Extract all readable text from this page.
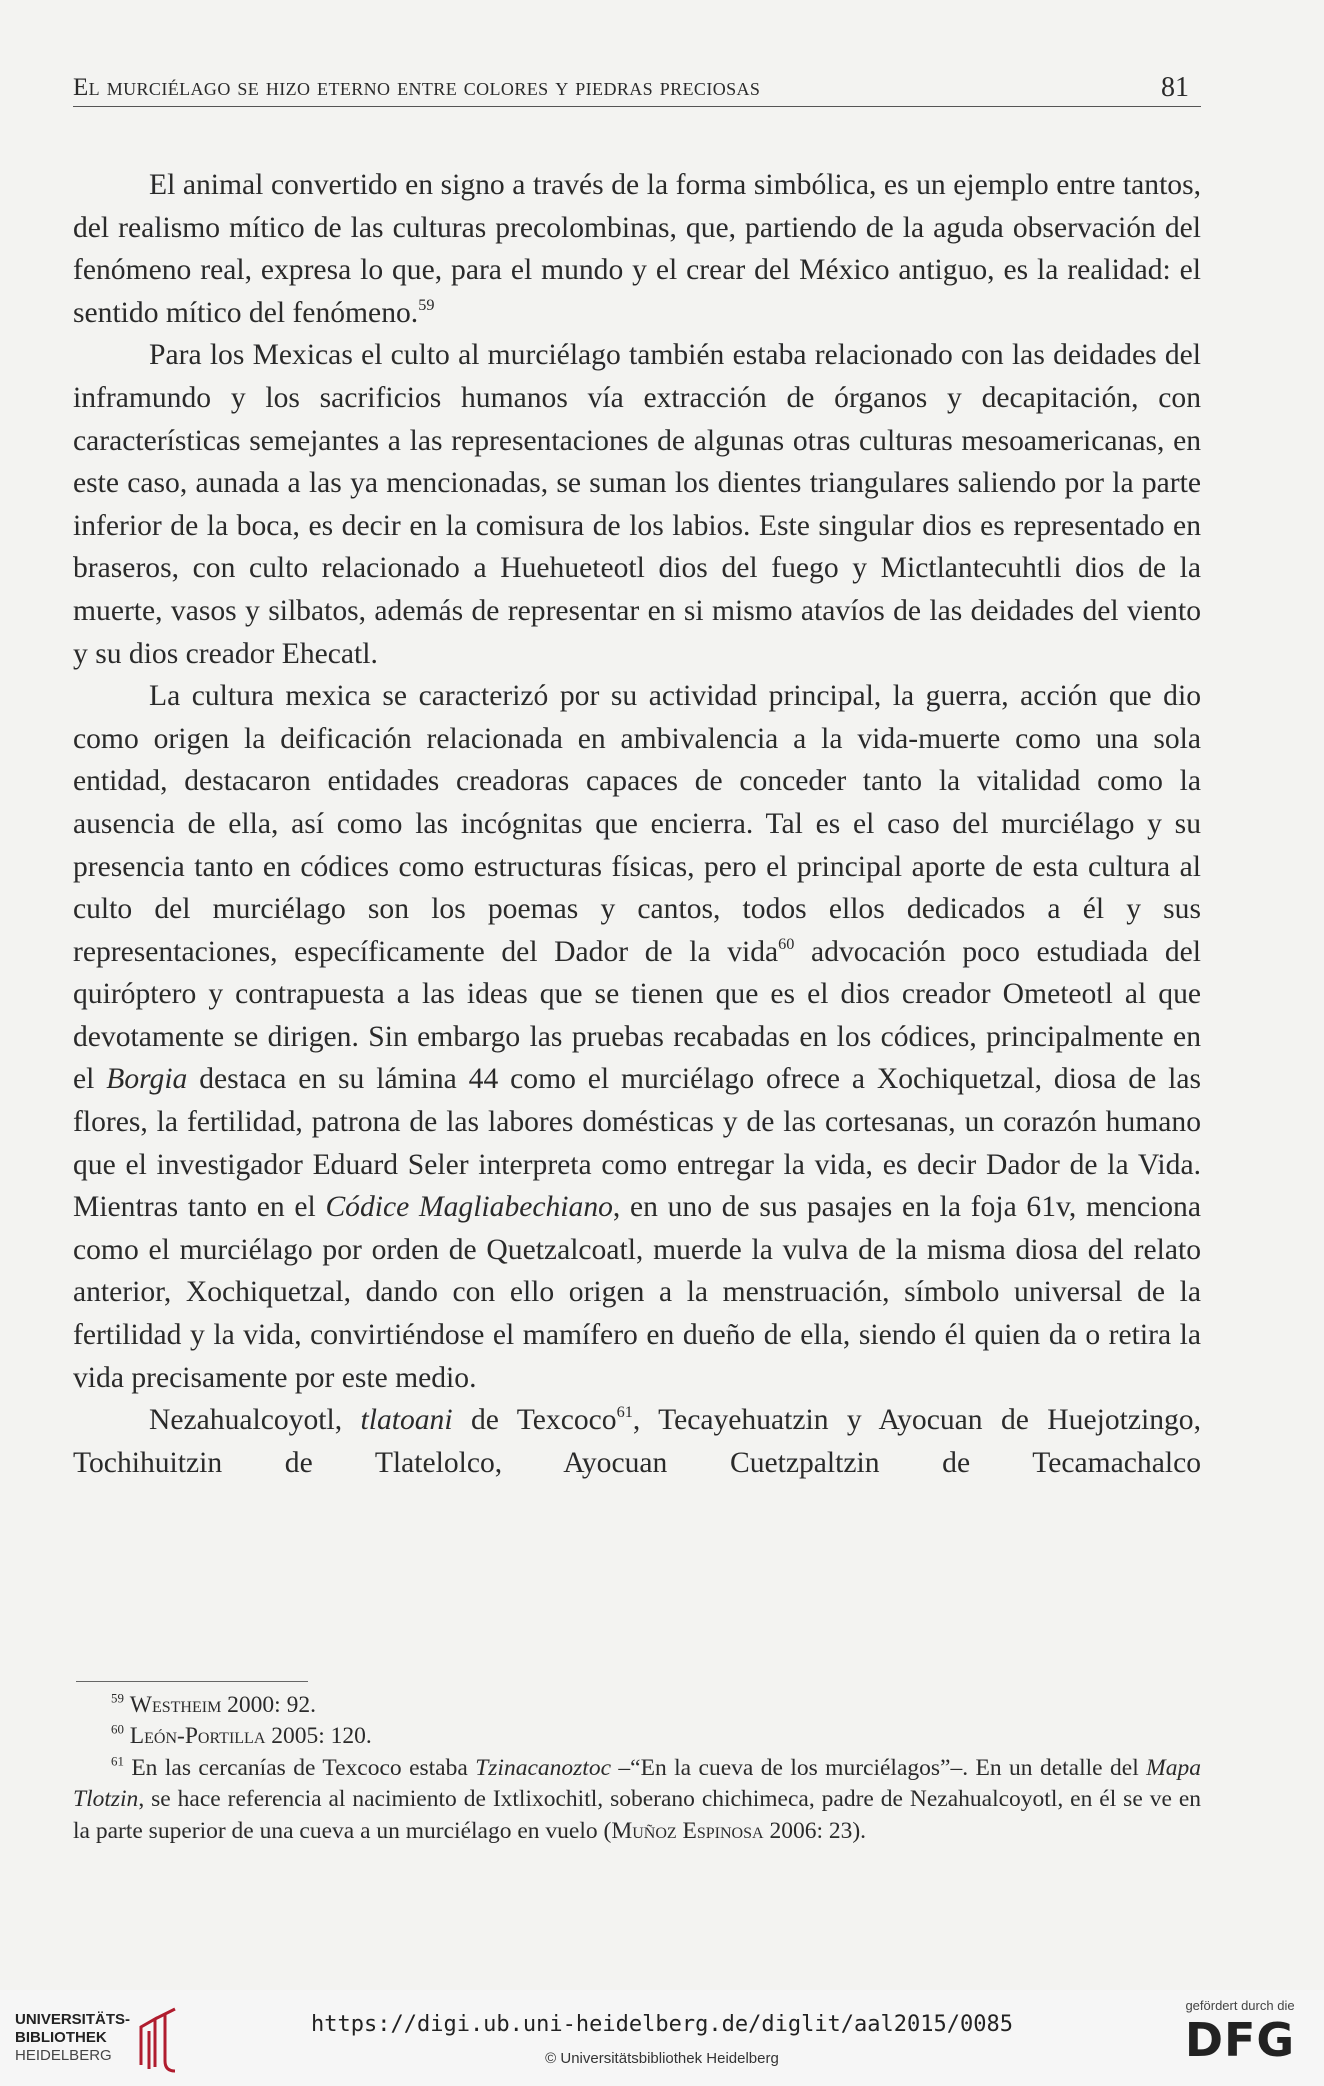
El murciélago se hizo eterno entre colores y piedras preciosas	81

El animal convertido en signo a través de la forma simbólica, es un ejemplo entre tantos, del realismo mítico de las culturas precolombinas, que, partiendo de la aguda observación del fenómeno real, expresa lo que, para el mundo y el crear del México antiguo, es la realidad: el sentido mítico del fenómeno.$^{59}$

Para los Mexicas el culto al murciélago también estaba relacionado con las deidades del inframundo y los sacrificios humanos vía extracción de órganos y decapitación, con características semejantes a las representaciones de algunas otras culturas mesoamericanas, en este caso, aunada a las ya mencionadas, se suman los dientes triangulares saliendo por la parte inferior de la boca, es decir en la comisura de los labios. Este singular dios es representado en braseros, con culto relacionado a Huehueteotl dios del fuego y Mictlantecuhtli dios de la muerte, vasos y silbatos, además de representar en si mismo atavíos de las deidades del viento y su dios creador Ehecatl.

La cultura mexica se caracterizó por su actividad principal, la guerra, acción que dio como origen la deificación relacionada en ambivalencia a la vida-muerte como una sola entidad, destacaron entidades creadoras capaces de conceder tanto la vitalidad como la ausencia de ella, así como las incógnitas que encierra. Tal es el caso del murciélago y su presencia tanto en códices como estructuras físicas, pero el principal aporte de esta cultura al culto del murciélago son los poemas y cantos, todos ellos dedicados a él y sus representaciones, específicamente del Dador de la vida$^{60}$ advocación poco estudiada del quiróptero y contrapuesta a las ideas que se tienen que es el dios creador Ometeotl al que devotamente se dirigen. Sin embargo las pruebas recabadas en los códices, principalmente en el Borgia destaca en su lámina 44 como el murciélago ofrece a Xochiquetzal, diosa de las flores, la fertilidad, patrona de las labores domésticas y de las cortesanas, un corazón humano que el investigador Eduard Seler interpreta como entregar la vida, es decir Dador de la Vida. Mientras tanto en el Códice Magliabechiano, en uno de sus pasajes en la foja 61v, menciona como el murciélago por orden de Quetzalcoatl, muerde la vulva de la misma diosa del relato anterior, Xochiquetzal, dando con ello origen a la menstruación, símbolo universal de la fertilidad y la vida, convirtiéndose el mamífero en dueño de ella, siendo él quien da o retira la vida precisamente por este medio.

Nezahualcoyotl, tlatoani de Texcoco$^{61}$, Tecayehuatzin y Ayocuan de Huejotzingo, Tochihuitzin de Tlatelolco, Ayocuan Cuetzpaltzin de Tecamachalco

$^{59}$ Westheim 2000: 92.

$^{60}$ León-Portilla 2005: 120.

$^{61}$ En las cercanías de Texcoco estaba Tzinacanoztoc –“En la cueva de los murciélagos”–. En un detalle del Mapa Tlotzin, se hace referencia al nacimiento de Ixtlixochitl, soberano chichimeca, padre de Nezahualcoyotl, en él se ve en la parte superior de una cueva a un murciélago en vuelo (Muñoz Espinosa 2006: 23).

UNIVERSITÄTS-
BIBLIOTHEK
HEIDELBERG
https://digi.ub.uni-heidelberg.de/diglit/aal2015/0085
© Universitätsbibliothek Heidelberg
gefördert durch die
DFG
